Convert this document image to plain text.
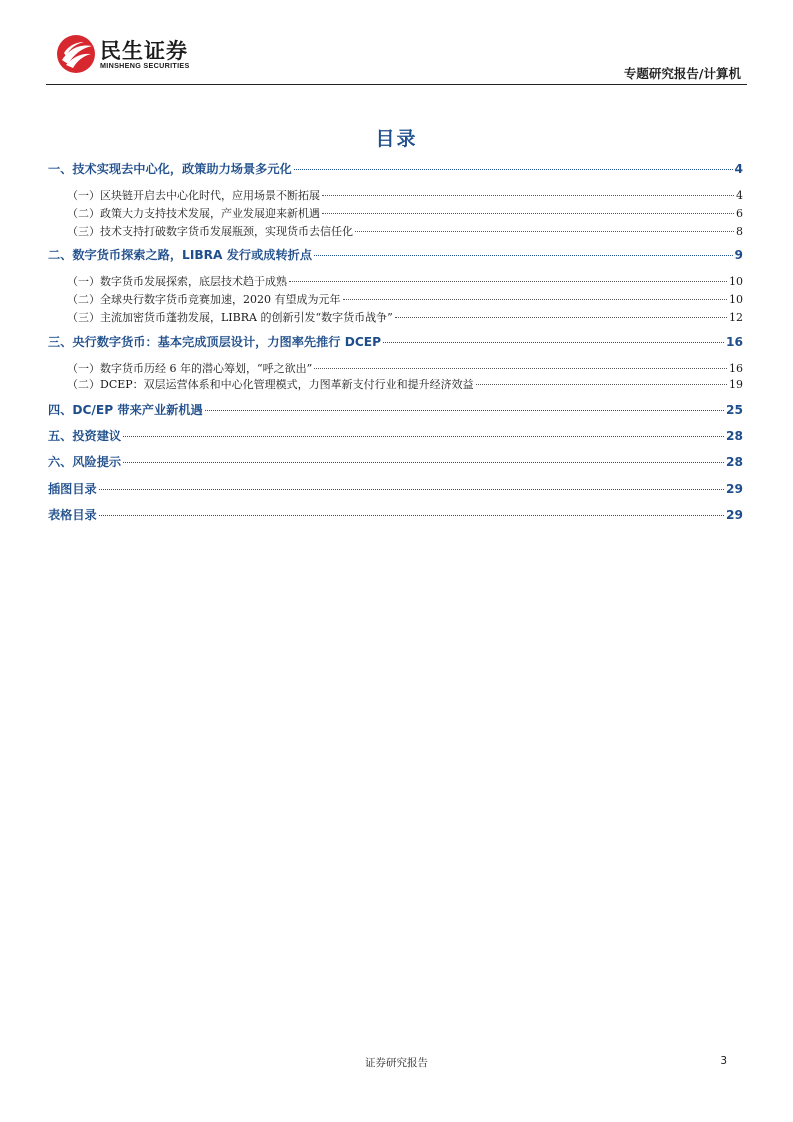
民生证券
MINSHENG SECURITIES
专题研究报告/计算机
目录
一、技术实现去中心化，政策助力场景多元化	4
（一）区块链开启去中心化时代，应用场景不断拓展	4
（二）政策大力支持技术发展，产业发展迎来新机遇	6
（三）技术支持打破数字货币发展瓶颈，实现货币去信任化	8
二、数字货币探索之路，LIBRA 发行或成转折点	9
（一）数字货币发展探索，底层技术趋于成熟	10
（二）全球央行数字货币竞赛加速，2020 有望成为元年	10
（三）主流加密货币蓬勃发展，LIBRA 的创新引发“数字货币战争”	12
三、央行数字货币：基本完成顶层设计，力图率先推行 DCEP	16
（一）数字货币历经 6 年的潜心筹划，“呼之欲出”	16
（二）DCEP：双层运营体系和中心化管理模式，力图革新支付行业和提升经济效益	19
四、DC/EP 带来产业新机遇	25
五、投资建议	28
六、风险提示	28
插图目录	29
表格目录	29
证券研究报告	3
